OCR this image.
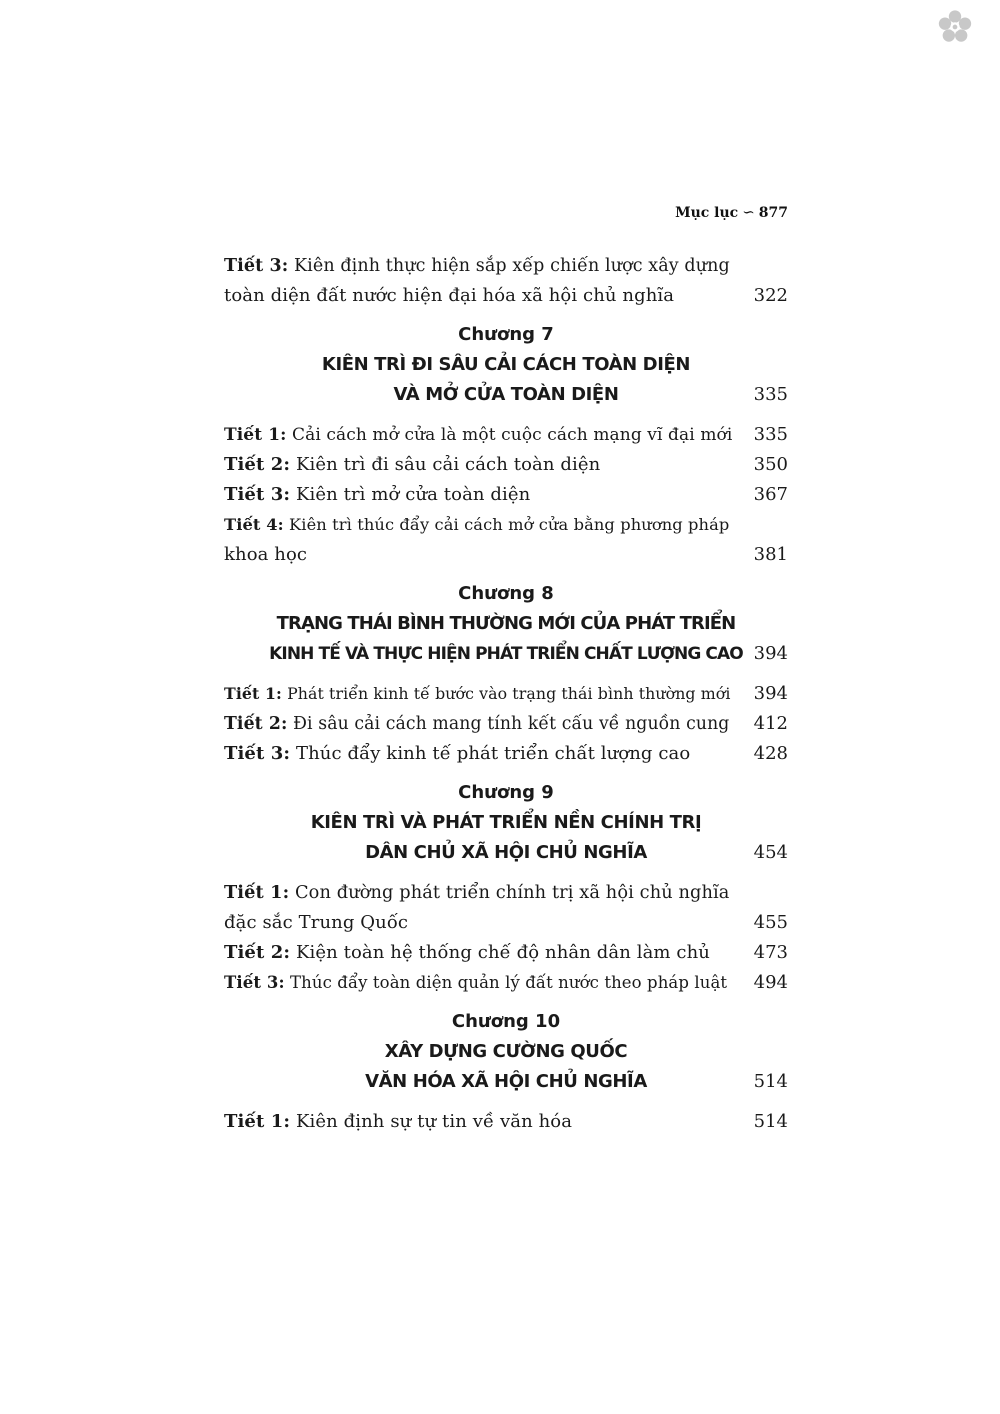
Mục lục ∽ 877
Tiết 3: Kiên định thực hiện sắp xếp chiến lược xây dựng
toàn diện đất nước hiện đại hóa xã hội chủ nghĩa	322
Chương 7
KIÊN TRÌ ĐI SÂU CẢI CÁCH TOÀN DIỆN
VÀ MỞ CỬA TOÀN DIỆN	335
Tiết 1: Cải cách mở cửa là một cuộc cách mạng vĩ đại mới 335
Tiết 2: Kiên trì đi sâu cải cách toàn diện	350
Tiết 3: Kiên trì mở cửa toàn diện	367
Tiết 4: Kiên trì thúc đẩy cải cách mở cửa bằng phương pháp
khoa học	381
Chương 8
TRẠNG THÁI BÌNH THƯỜNG MỚI CỦA PHÁT TRIỂN
KINH TẾ VÀ THỰC HIỆN PHÁT TRIỂN CHẤT LƯỢNG CAO 394
Tiết 1: Phát triển kinh tế bước vào trạng thái bình thường mới 394
Tiết 2: Đi sâu cải cách mang tính kết cấu về nguồn cung 412
Tiết 3: Thúc đẩy kinh tế phát triển chất lượng cao	428
Chương 9
KIÊN TRÌ VÀ PHÁT TRIỂN NỀN CHÍNH TRỊ
DÂN CHỦ XÃ HỘI CHỦ NGHĨA	454
Tiết 1: Con đường phát triển chính trị xã hội chủ nghĩa
đặc sắc Trung Quốc	455
Tiết 2: Kiện toàn hệ thống chế độ nhân dân làm chủ 473
Tiết 3: Thúc đẩy toàn diện quản lý đất nước theo pháp luật 494
Chương 10
XÂY DỰNG CƯỜNG QUỐC
VĂN HÓA XÃ HỘI CHỦ NGHĨA	514
Tiết 1: Kiên định sự tự tin về văn hóa	514
